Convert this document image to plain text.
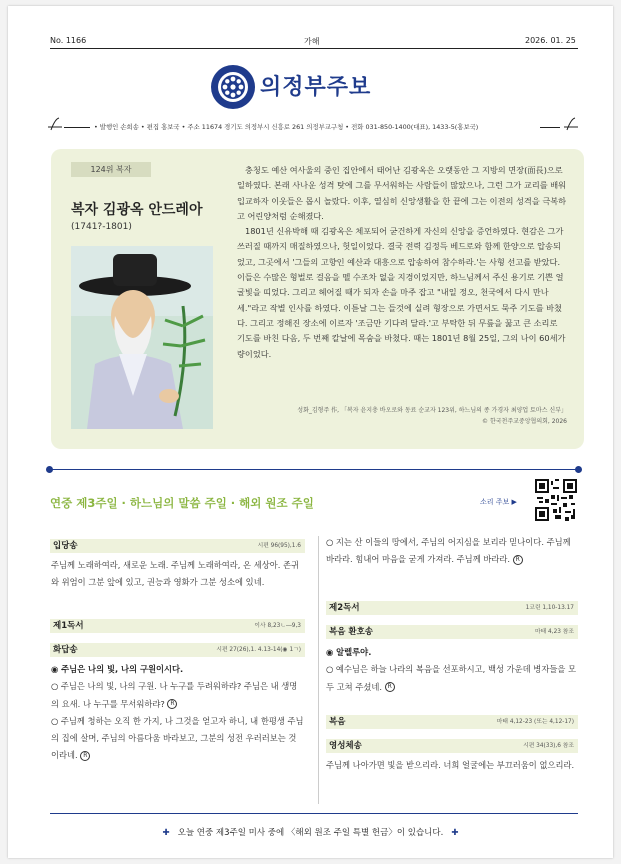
No. 1166	가해	2026. 01. 25
의정부주보
• 발행인 손희송 • 편집 홍보국 • 주소 11674 경기도 의정부시 신흥로 261 의정부교구청 • 전화 031-850-1400(대표), 1433-5(홍보국)
124위 복자
복자 김광옥 안드레아
(1741?-1801)

충청도 예산 여사울의 중인 집안에서 태어난 김광옥은 오랫동안 그 지방의 면장(面長)으로 일하였다. 본래 사나운 성격 탓에 그를 무서워하는 사람들이 많았으나, 그런 그가 교리를 배워 입교하자 이웃들은 몹시 놀랐다. 이후, 열심히 신앙생활을 한 끝에 그는 이전의 성격을 극복하고 어린양처럼 순해졌다.

1801년 신유박해 때 김광옥은 체포되어 굳건하게 자신의 신앙을 증언하였다. 현감은 그가 쓰러질 때까지 매질하였으나, 헛일이었다. 결국 전력 김정득 베드로와 함께 한양으로 압송되었고, 그곳에서 '그들의 고향인 예산과 대흥으로 압송하여 참수하라.'는 사형 선고를 받았다. 이들은 수많은 형벌로 걸음을 뗄 수조차 없을 지경이었지만, 하느님께서 주신 용기로 기쁜 얼굴빛을 띠었다. 그리고 헤어질 때가 되자 손을 마주 잡고 "내일 정오, 천국에서 다시 만나세."라고 작별 인사를 하였다. 이튿날 그는 들것에 실려 형장으로 가면서도 묵주 기도를 바쳤다. 그리고 정해진 장소에 이르자 '조금만 기다려 달라.'고 부탁한 뒤 무릎을 꿇고 큰 소리로 기도를 바친 다음, 두 번째 칼날에 목숨을 바쳤다. 때는 1801년 8월 25일, 그의 나이 60세가량이었다.

성화_김형주 作, 「복자 윤지충 바오로와 동료 순교자 123위, 하느님의 종 가경자 최양업 토마스 신부」
© 한국천주교중앙협의회, 2026
연중 제3주일 · 하느님의 말씀 주일 · 해외 원조 주일	소리 주보 ▶
입당송	시편 96(95),1.6
주님께 노래하여라, 새로운 노래. 주님께 노래하여라, 온 세상아. 존귀와 위엄이 그분 앞에 있고, 권능과 영화가 그분 성소에 있네.
제1독서	이사 8,23ㄴ―9,3
화답송	시편 27(26),1. 4.13-14(◉ 1ㄱ)

◉ 주님은 나의 빛, 나의 구원이시다.

○ 주님은 나의 빛, 나의 구원. 나 누구를 두려워하랴? 주님은 내 생명의 요새. 나 누구를 무서워하랴? R

○ 주님께 청하는 오직 한 가지, 나 그것을 얻고자 하니, 내 한평생 주님의 집에 살며, 주님의 아름다움 바라보고, 그분의 성전 우러러보는 것이라네. R

○ 지는 산 이들의 땅에서, 주님의 어지심을 보리라 믿나이다. 주님께 바라라. 힘내어 마음을 굳게 가져라. 주님께 바라라. R

제2독서	1코린 1,10-13.17
복음 환호송	마태 4,23 참조

◉ 알렐루야.

○ 예수님은 하늘 나라의 복음을 선포하시고, 백성 가운데 병자들을 모두 고쳐 주셨네. R

복음	마태 4,12-23 (또는 4,12-17)
영성체송	시편 34(33),6 참조
주님께 나아가면 빛을 받으리라. 너희 얼굴에는 부끄러움이 없으리라.
✚ 오늘 연중 제3주일 미사 중에 〈해외 원조 주일 특별 헌금〉이 있습니다. ✚
